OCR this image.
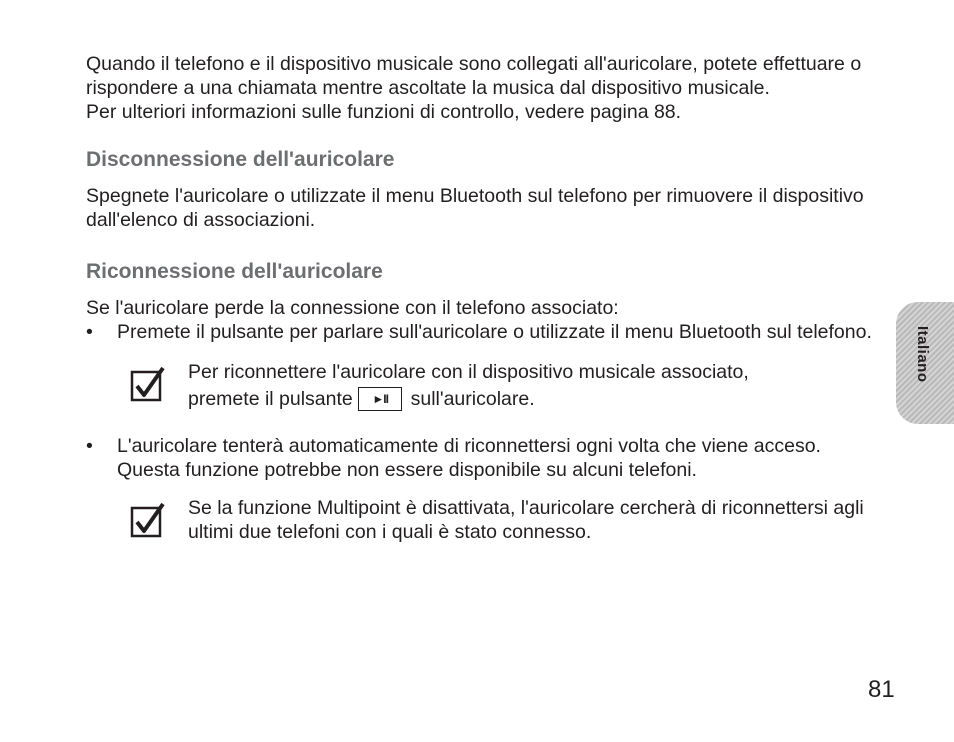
Quando il telefono e il dispositivo musicale sono collegati all'auricolare, potete effettuare o rispondere a una chiamata mentre ascoltate la musica dal dispositivo musicale.

Per ulteriori informazioni sulle funzioni di controllo, vedere pagina 88.

Disconnessione dell'auricolare

Spegnete l'auricolare o utilizzate il menu Bluetooth sul telefono per rimuovere il dispositivo dall'elenco di associazioni.

Riconnessione dell'auricolare

Se l'auricolare perde la connessione con il telefono associato:

• Premete il pulsante per parlare sull'auricolare o utilizzate il menu Bluetooth sul telefono.

Per riconnettere l'auricolare con il dispositivo musicale associato,

premete il pulsante ►II sull'auricolare.

• L'auricolare tenterà automaticamente di riconnettersi ogni volta che viene acceso. Questa funzione potrebbe non essere disponibile su alcuni telefoni.

Se la funzione Multipoint è disattivata, l'auricolare cercherà di riconnettersi agli ultimi due telefoni con i quali è stato connesso.

Italiano
81
